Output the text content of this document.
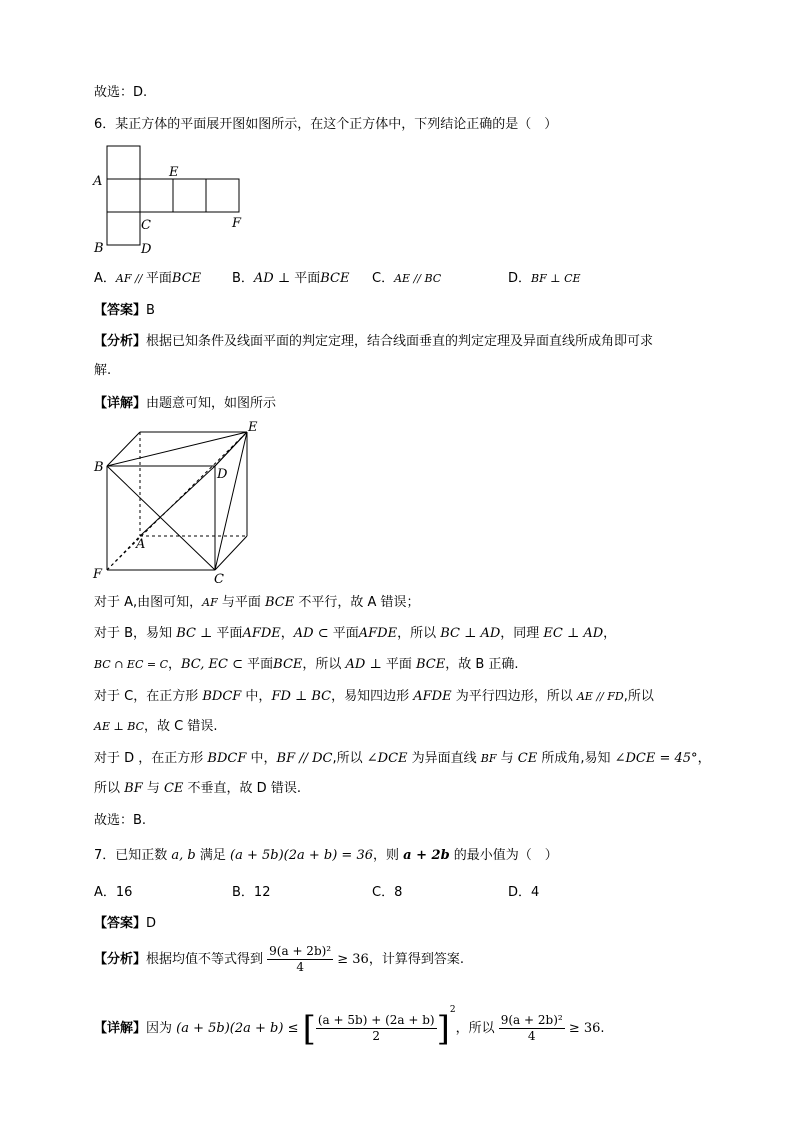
故选：D.
6．某正方体的平面展开图如图所示，在这个正方体中，下列结论正确的是（　）
A
E
C	F
B	D
A．AF // 平面BCE B．AD ⊥ 平面BCE C．AE // BC	D．BF ⊥ CE
【答案】B
【分析】根据已知条件及线面平面的判定定理，结合线面垂直的判定定理及异面直线所成角即可求
解.
【详解】由题意可知，如图所示
E
B	D
A
F	C
对于 A,由图可知，AF 与平面 BCE 不平行，故 A 错误；
对于 B，易知 BC ⊥ 平面AFDE，AD ⊂ 平面AFDE，所以 BC ⊥ AD，同理 EC ⊥ AD，
BC ∩ EC = C，BC, EC ⊂ 平面BCE，所以 AD ⊥ 平面 BCE，故 B 正确.
对于 C，在正方形 BDCF 中，FD ⊥ BC，易知四边形 AFDE 为平行四边形，所以 AE // FD,所以
AE ⊥ BC，故 C 错误.
对于 D ，在正方形 BDCF 中，BF // DC,所以 ∠DCE 为异面直线 BF 与 CE 所成角,易知 ∠DCE = 45°，
所以 BF 与 CE 不垂直，故 D 错误.
故选：B.
7．已知正数 a, b 满足 (a + 5b)(2a + b) = 36，则 a + 2b 的最小值为（　）
A．16	B．12	C．8	D．4
【答案】D
【分析】根据均值不等式得到 $\frac{\text{9(a + 2b)²}}{4} \ge 36$，计算得到答案.
【详解】因为 (a + 5b)(2a + b) ≤ [ $\frac{(a + 5b) + (2a + b)}{2} ]^2$，所以 $\frac{\text{9(a + 2b)²}}{4} \ge 36$.
